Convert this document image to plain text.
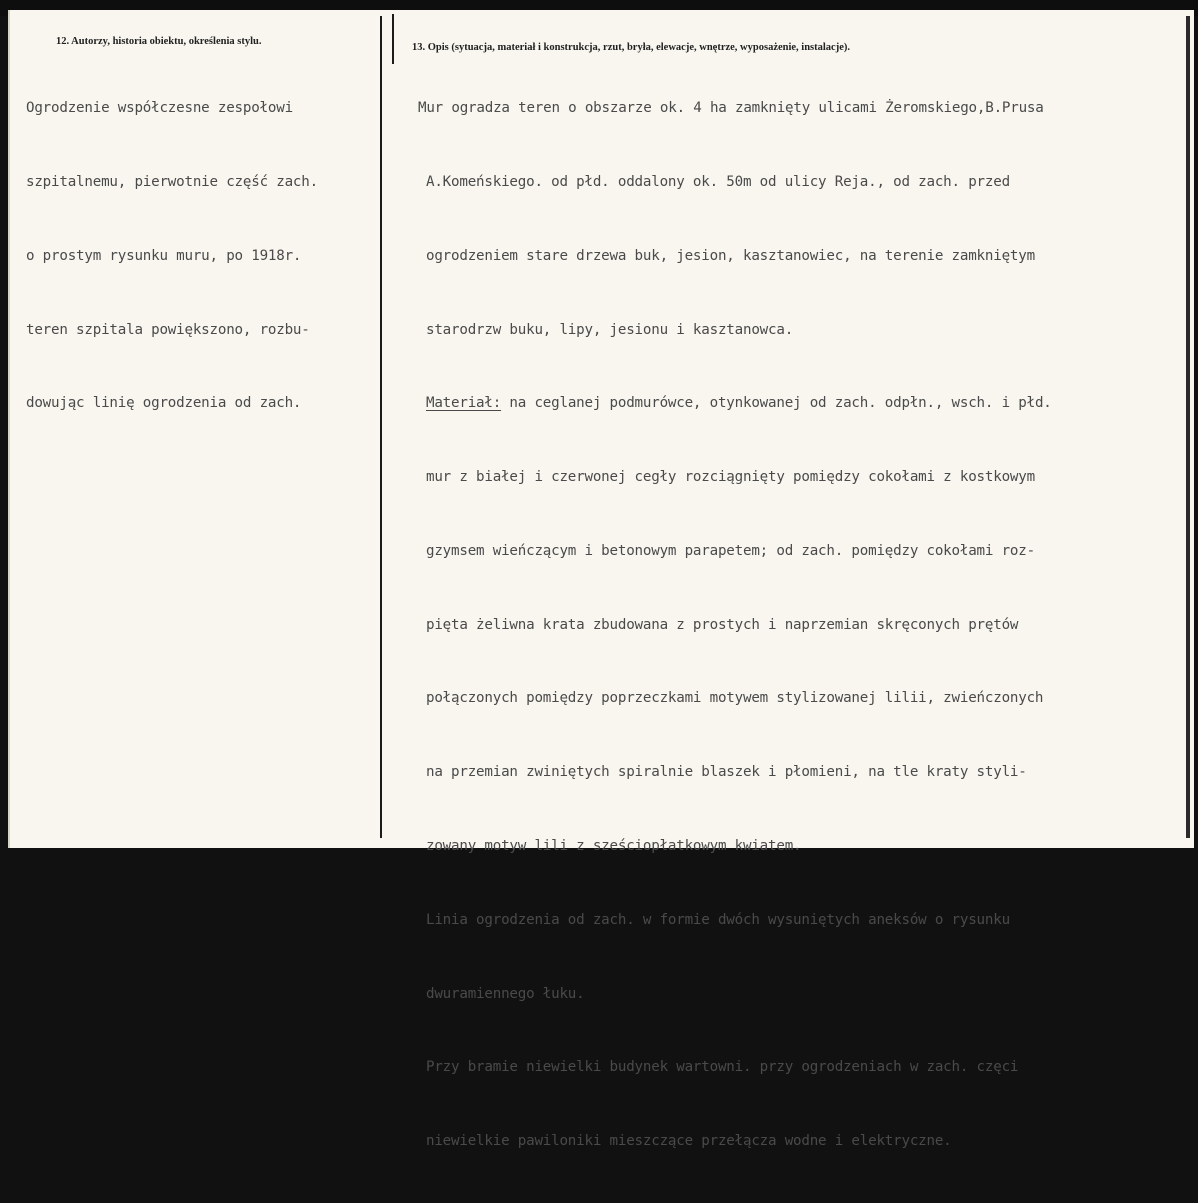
12. Autorzy, historia obiektu, określenia stylu.

Ogrodzenie współczesne zespołowi

szpitalnemu, pierwotnie część zach.

o prostym rysunku muru, po 1918r.

teren szpitala powiększono, rozbu-

dowując linię ogrodzenia od zach.

13. Opis (sytuacja, materiał i konstrukcja, rzut, bryła, elewacje, wnętrze, wyposażenie, instalacje).

Mur ogradza teren o obszarze ok. 4 ha zamknięty ulicami Żeromskiego,B.Prusa

A.Komeńskiego. od płd. oddalony ok. 50m od ulicy Reja., od zach. przed

ogrodzeniem stare drzewa buk, jesion, kasztanowiec, na terenie zamkniętym

starodrzw buku, lipy, jesionu i kasztanowca.

Materiał: na ceglanej podmurówce, otynkowanej od zach. odpłn., wsch. i płd.

mur z białej i czerwonej cegły rozciągnięty pomiędzy cokołami z kostkowym

gzymsem wieńczącym i betonowym parapetem; od zach. pomiędzy cokołami roz-

pięta żeliwna krata zbudowana z prostych i naprzemian skręconych prętów

połączonych pomiędzy poprzeczkami motywem stylizowanej lilii, zwieńczonych

na przemian zwiniętych spiralnie blaszek i płomieni, na tle kraty styli-

zowany motyw lili z sześciopłatkowym kwiatem.

Linia ogrodzenia od zach. w formie dwóch wysuniętych aneksów o rysunku

dwuramiennego łuku.

Przy bramie niewielki budynek wartowni. przy ogrodzeniach w zach. częci

niewielkie pawiloniki mieszczące przełącza wodne i elektryczne.
